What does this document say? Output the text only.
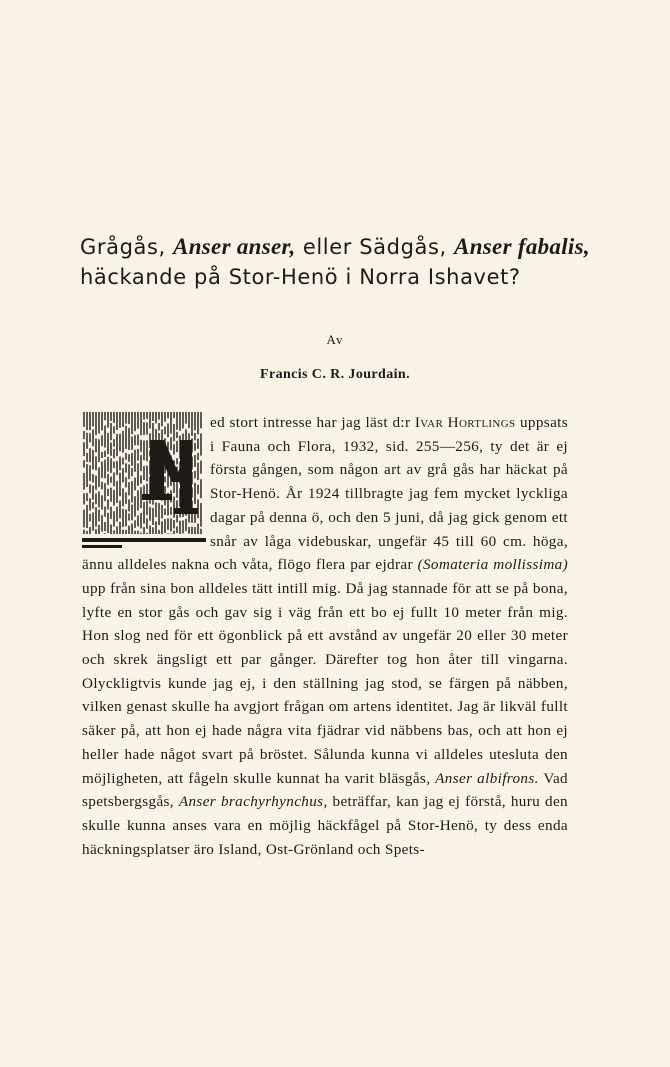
Grågås, Anser anser, eller Sädgås, Anser fabalis, häckande på Stor-Henö i Norra Ishavet?
Av
Francis C. R. Jourdain.

ed stort intresse har jag läst d:r Ivar Hortlings uppsats i Fauna och Flora, 1932, sid. 255—256, ty det är ej första gången, som någon art av grå gås har häckat på Stor-Henö. År 1924 tillbragte jag fem mycket lyckliga dagar på denna ö, och den 5 juni, då jag gick genom ett snår av låga videbuskar, ungefär 45 till 60 cm. höga, ännu alldeles nakna och våta, flögo flera par ejdrar (Somateria mollissima) upp från sina bon alldeles tätt intill mig. Då jag stannade för att se på bona, lyfte en stor gås och gav sig i väg från ett bo ej fullt 10 meter från mig. Hon slog ned för ett ögonblick på ett avstånd av ungefär 20 eller 30 meter och skrek ängsligt ett par gånger. Därefter tog hon åter till vingarna. Olyckligtvis kunde jag ej, i den ställning jag stod, se färgen på näbben, vilken genast skulle ha avgjort frågan om artens identitet. Jag är likväl fullt säker på, att hon ej hade några vita fjädrar vid näbbens bas, och att hon ej heller hade något svart på bröstet. Sålunda kunna vi alldeles utesluta den möjligheten, att fågeln skulle kunnat ha varit bläsgås, Anser albifrons. Vad spetsbergsgås, Anser brachyrhynchus, beträffar, kan jag ej förstå, huru den skulle kunna anses vara en möjlig häckfågel på Stor-Henö, ty dess enda häckningsplatser äro Island, Ost-Grönland och Spets-
